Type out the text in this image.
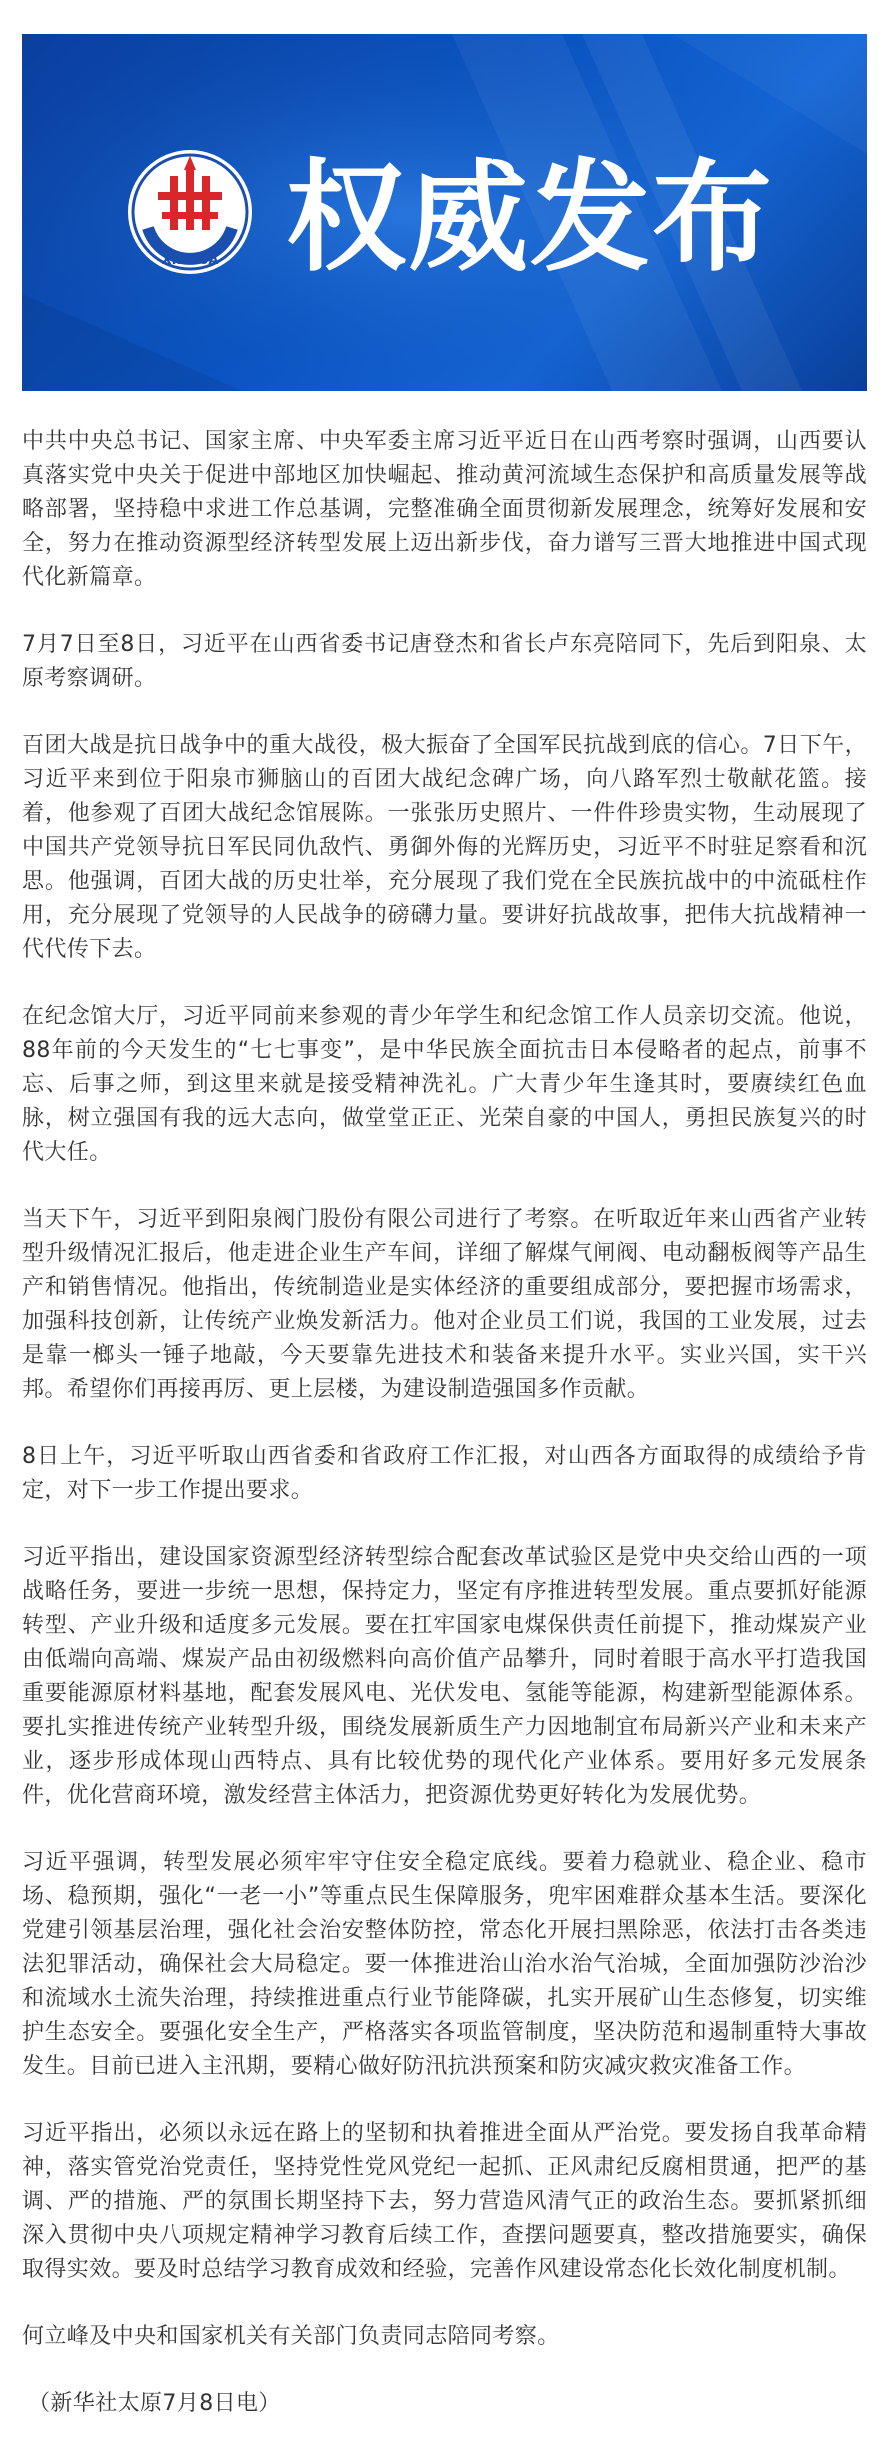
XINHUA 权威发布

中共中央总书记、国家主席、中央军委主席习近平近日在山西考察时强调，山西要认真落实党中央关于促进中部地区加快崛起、推动黄河流域生态保护和高质量发展等战略部署，坚持稳中求进工作总基调，完整准确全面贯彻新发展理念，统筹好发展和安全，努力在推动资源型经济转型发展上迈出新步伐，奋力谱写三晋大地推进中国式现代化新篇章。

7月7日至8日，习近平在山西省委书记唐登杰和省长卢东亮陪同下，先后到阳泉、太原考察调研。

百团大战是抗日战争中的重大战役，极大振奋了全国军民抗战到底的信心。7日下午，习近平来到位于阳泉市狮脑山的百团大战纪念碑广场，向八路军烈士敬献花篮。接着，他参观了百团大战纪念馆展陈。一张张历史照片、一件件珍贵实物，生动展现了中国共产党领导抗日军民同仇敌忾、勇御外侮的光辉历史，习近平不时驻足察看和沉思。他强调，百团大战的历史壮举，充分展现了我们党在全民族抗战中的中流砥柱作用，充分展现了党领导的人民战争的磅礴力量。要讲好抗战故事，把伟大抗战精神一代代传下去。

在纪念馆大厅，习近平同前来参观的青少年学生和纪念馆工作人员亲切交流。他说，88年前的今天发生的“七七事变”，是中华民族全面抗击日本侵略者的起点，前事不忘、后事之师，到这里来就是接受精神洗礼。广大青少年生逢其时，要赓续红色血脉，树立强国有我的远大志向，做堂堂正正、光荣自豪的中国人，勇担民族复兴的时代大任。

当天下午，习近平到阳泉阀门股份有限公司进行了考察。在听取近年来山西省产业转型升级情况汇报后，他走进企业生产车间，详细了解煤气闸阀、电动翻板阀等产品生产和销售情况。他指出，传统制造业是实体经济的重要组成部分，要把握市场需求，加强科技创新，让传统产业焕发新活力。他对企业员工们说，我国的工业发展，过去是靠一榔头一锤子地敲，今天要靠先进技术和装备来提升水平。实业兴国，实干兴邦。希望你们再接再厉、更上层楼，为建设制造强国多作贡献。

8日上午，习近平听取山西省委和省政府工作汇报，对山西各方面取得的成绩给予肯定，对下一步工作提出要求。

习近平指出，建设国家资源型经济转型综合配套改革试验区是党中央交给山西的一项战略任务，要进一步统一思想，保持定力，坚定有序推进转型发展。重点要抓好能源转型、产业升级和适度多元发展。要在扛牢国家电煤保供责任前提下，推动煤炭产业由低端向高端、煤炭产品由初级燃料向高价值产品攀升，同时着眼于高水平打造我国重要能源原材料基地，配套发展风电、光伏发电、氢能等能源，构建新型能源体系。要扎实推进传统产业转型升级，围绕发展新质生产力因地制宜布局新兴产业和未来产业，逐步形成体现山西特点、具有比较优势的现代化产业体系。要用好多元发展条件，优化营商环境，激发经营主体活力，把资源优势更好转化为发展优势。

习近平强调，转型发展必须牢牢守住安全稳定底线。要着力稳就业、稳企业、稳市场、稳预期，强化“一老一小”等重点民生保障服务，兜牢困难群众基本生活。要深化党建引领基层治理，强化社会治安整体防控，常态化开展扫黑除恶，依法打击各类违法犯罪活动，确保社会大局稳定。要一体推进治山治水治气治城，全面加强防沙治沙和流域水土流失治理，持续推进重点行业节能降碳，扎实开展矿山生态修复，切实维护生态安全。要强化安全生产，严格落实各项监管制度，坚决防范和遏制重特大事故发生。目前已进入主汛期，要精心做好防汛抗洪预案和防灾减灾救灾准备工作。

习近平指出，必须以永远在路上的坚韧和执着推进全面从严治党。要发扬自我革命精神，落实管党治党责任，坚持党性党风党纪一起抓、正风肃纪反腐相贯通，把严的基调、严的措施、严的氛围长期坚持下去，努力营造风清气正的政治生态。要抓紧抓细深入贯彻中央八项规定精神学习教育后续工作，查摆问题要真，整改措施要实，确保取得实效。要及时总结学习教育成效和经验，完善作风建设常态化长效化制度机制。

何立峰及中央和国家机关有关部门负责同志陪同考察。

（新华社太原7月8日电）
